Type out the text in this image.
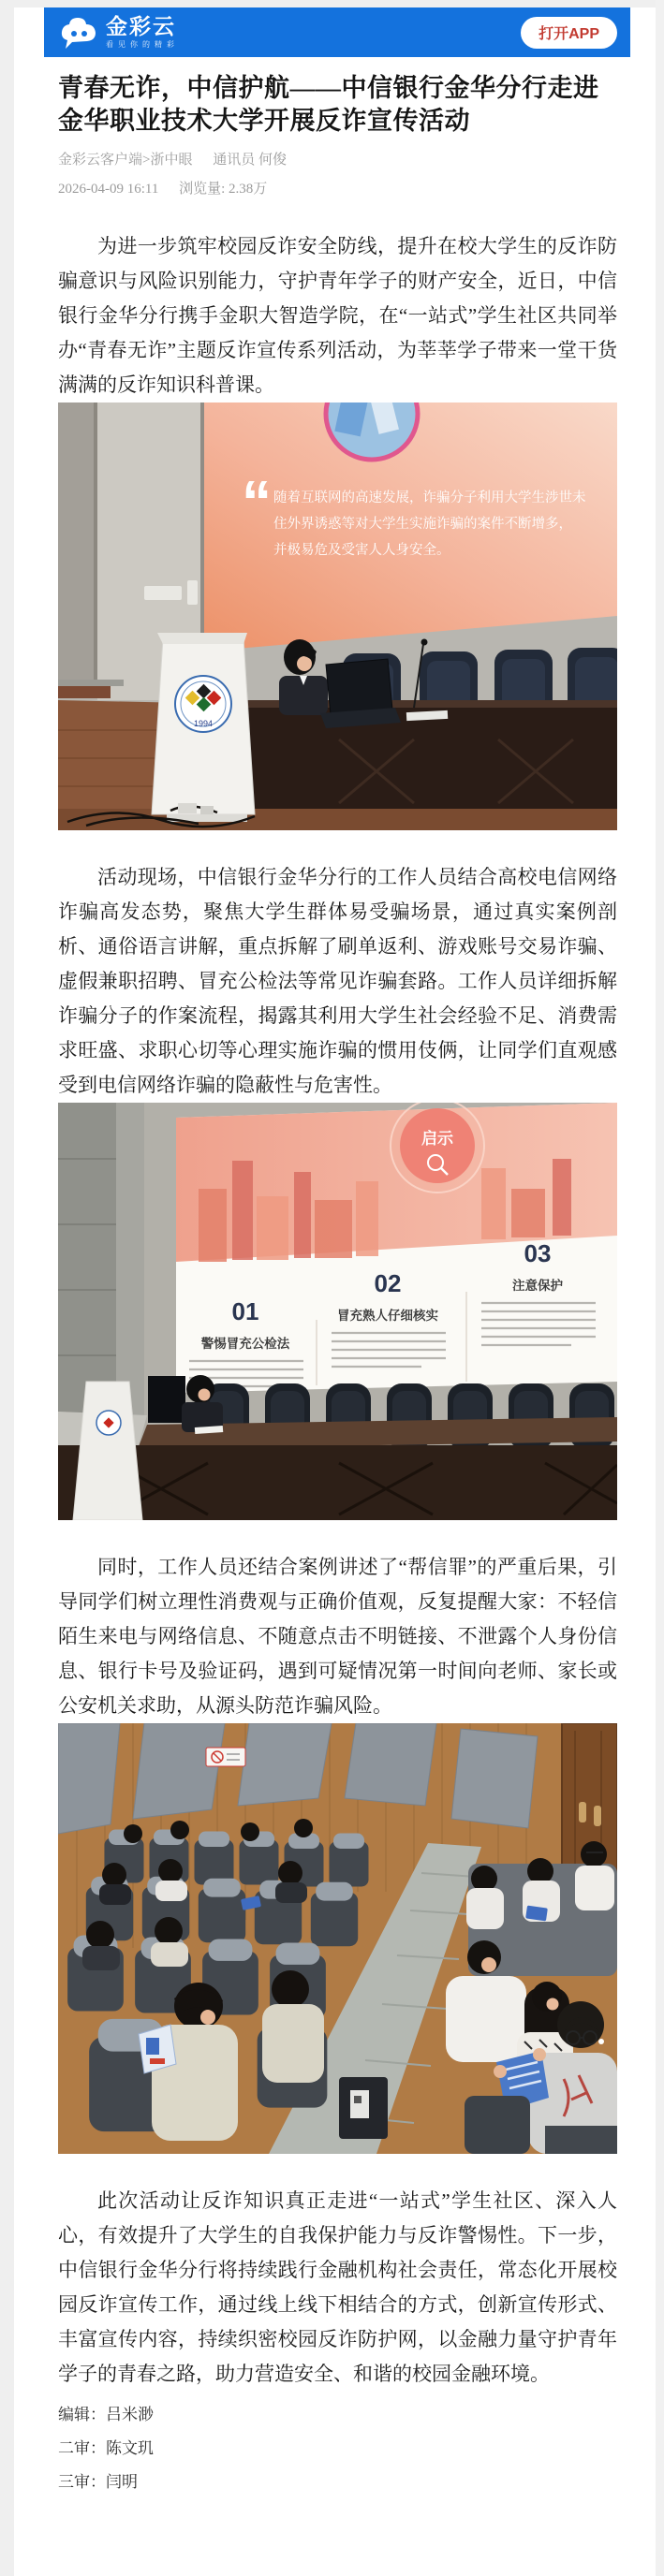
金彩云
看见你的精彩
打开APP
青春无诈，中信护航——中信银行金华分行走进金华职业技术大学开展反诈宣传活动
金彩云客户端>浙中眼 通讯员 何俊
2026-04-09 16:11 浏览量: 2.38万

为进一步筑牢校园反诈安全防线，提升在校大学生的反诈防骗意识与风险识别能力，守护青年学子的财产安全，近日，中信银行金华分行携手金职大智造学院，在“一站式”学生社区共同举办“青春无诈”主题反诈宣传系列活动，为莘莘学子带来一堂干货满满的反诈知识科普课。

“ 随着互联网的高速发展，诈骗分子利用大学生涉世未
住外界诱惑等对大学生实施诈骗的案件不断增多，
并极易危及受害人人身安全。
1994

活动现场，中信银行金华分行的工作人员结合高校电信网络诈骗高发态势，聚焦大学生群体易受骗场景，通过真实案例剖析、通俗语言讲解，重点拆解了刷单返利、游戏账号交易诈骗、虚假兼职招聘、冒充公检法等常见诈骗套路。工作人员详细拆解诈骗分子的作案流程，揭露其利用大学生社会经验不足、消费需求旺盛、求职心切等心理实施诈骗的惯用伎俩，让同学们直观感受到电信网络诈骗的隐蔽性与危害性。

启示
01
02
03
警惕冒充公检法
冒充熟人仔细核实
注意保护

同时，工作人员还结合案例讲述了“帮信罪”的严重后果，引导同学们树立理性消费观与正确价值观，反复提醒大家：不轻信陌生来电与网络信息、不随意点击不明链接、不泄露个人身份信息、银行卡号及验证码，遇到可疑情况第一时间向老师、家长或公安机关求助，从源头防范诈骗风险。

此次活动让反诈知识真正走进“一站式”学生社区、深入人心，有效提升了大学生的自我保护能力与反诈警惕性。下一步，中信银行金华分行将持续践行金融机构社会责任，常态化开展校园反诈宣传工作，通过线上线下相结合的方式，创新宣传形式、丰富宣传内容，持续织密校园反诈防护网，以金融力量守护青年学子的青春之路，助力营造安全、和谐的校园金融环境。

编辑：吕米渺
二审：陈文玑
三审：闫明
